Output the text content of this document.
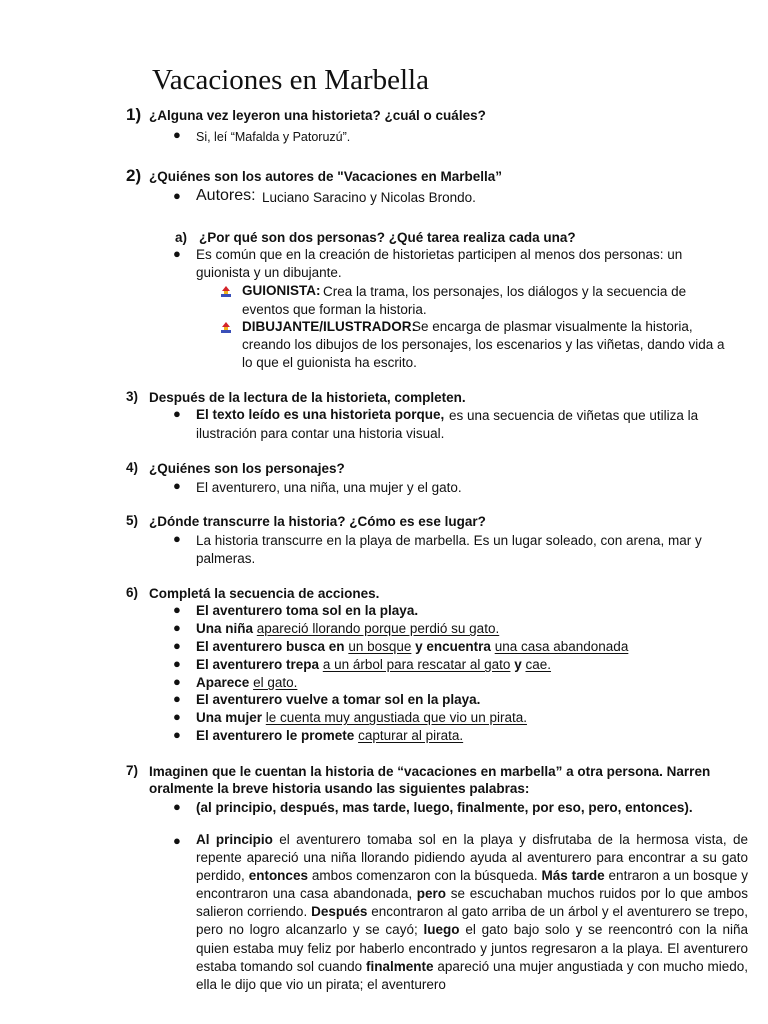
Vacaciones en Marbella
1) ¿Alguna vez leyeron una historieta? ¿cuál o cuáles?
● Si, leí “Mafalda y Patoruzú”.
2) ¿Quiénes son los autores de "Vacaciones en Marbella”
● Autores: Luciano Saracino y Nicolas Brondo.
a) ¿Por qué son dos personas? ¿Qué tarea realiza cada una?
● Es común que en la creación de historietas participen al menos dos personas: un
guionista y un dibujante.
GUIONISTA: Crea la trama, los personajes, los diálogos y la secuencia de
eventos que forman la historia.
DIBUJANTE/ILUSTRADOR:
Se encarga de plasmar visualmente la historia,
creando los dibujos de los personajes, los escenarios y las viñetas, dando vida a
lo que el guionista ha escrito.
3) Después de la lectura de la historieta, completen.
● El texto leído es una historieta porque, es una secuencia de viñetas que utiliza la
ilustración para contar una historia visual.
4) ¿Quiénes son los personajes?
● El aventurero, una niña, una mujer y el gato.
5) ¿Dónde transcurre la historia? ¿Cómo es ese lugar?
● La historia transcurre en la playa de marbella. Es un lugar soleado, con arena, mar y
palmeras.
6) Completá la secuencia de acciones.
● El aventurero toma sol en la playa.
● Una niña apareció llorando porque perdió su gato.
● El aventurero busca en un bosque y encuentra una casa abandonada
● El aventurero trepa a un árbol para rescatar al gato y cae.
● Aparece el gato.
● El aventurero vuelve a tomar sol en la playa.
● Una mujer le cuenta muy angustiada que vio un pirata.
● El aventurero le promete capturar al pirata.
7) Imaginen que le cuentan la historia de “vacaciones en marbella” a otra persona. Narren
oralmente la breve historia usando las siguientes palabras:
● (al principio, después, mas tarde, luego, finalmente, por eso, pero, entonces).
● Al principio el aventurero tomaba sol en la playa y disfrutaba de la hermosa vista, de repente apareció una niña llorando pidiendo ayuda al aventurero para encontrar a su gato perdido, entonces ambos comenzaron con la búsqueda. Más tarde entraron a un bosque y encontraron una casa abandonada, pero se escuchaban muchos ruidos por lo que ambos salieron corriendo. Después encontraron al gato arriba de un árbol y el aventurero se trepo, pero no logro alcanzarlo y se cayó; luego el gato bajo solo y se reencontró con la niña quien estaba muy feliz por haberlo encontrado y juntos regresaron a la playa. El aventurero estaba tomando sol cuando finalmente apareció una mujer angustiada y con mucho miedo, ella le dijo que vio un pirata; el aventurero
